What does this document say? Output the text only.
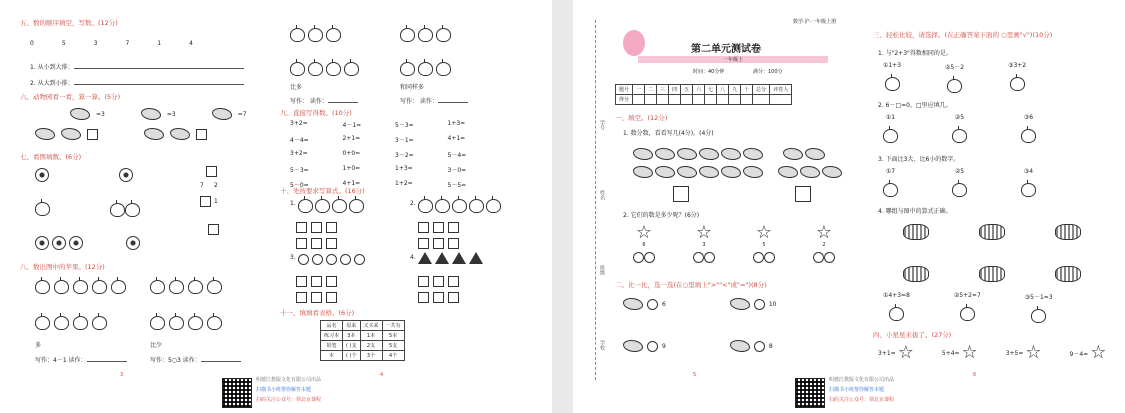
五、数的顺序填空，写数。(12分)
0	5	3	7	1	4
1. 从小到大排：
2. 从大到小排：
六、动物园看一看，算一算。(5分)
=3	=3	=7
七、看图填数。(6分)
7 2
1
八、数出图中的苹果。(12分)
多	比少
写作：4－1 读作：	写作：5○3 读作：
比多	和同样多
写作： 读作：	写作： 读作：
九、直接写得数。(10分)
3+2=	4－1=	5－3=	1+3=
4－4=	2+1=	3－1=	4+1=
3+2=	0+0=	3－2=	5－4=
5－3=	1+0=	1+3=	3－0=
5－0=	4+1=	1+2=	5－5=
十、先按要求写算式。(16分)
1.	2.
3.	4.
十一、填填看表格。(6分)
品名	原来	又买来	一共有
练习本	3本	1本	5本
铅笔	( )支	2支	5支
本	( )个	3个	4个
3	4
明德江教版文化有限公司出品
扫描书小班帮你解答本题
扫码关注公众号：领北京课程
学号
姓名
班级
学校
数学·沪·一年级上册
第二单元测试卷
一年级上
时间：40分钟	满分：100分
题号	一	二	三	四	五	六	七	八	九	十	总分	评卷人
得分												
一、填空。(12分)
1. 数分数，看看写几(4分)。(4分)
2. 它们的数是多少呢？(6分)
☆
6
☆
3
☆
5
☆
2
二、比一比，选一选(在○里填上">""<"或"=")(8分)
6	10
9	8
三、轻松比较，请选择。(在正确答案下面的 ○里画"√")(10分)
1. 与"2+3"得数相同的是。
①1+3	②5－2	③3+2
2. 6－□=0，□里应填几。
①1	②5	③6
3. 下面比3大、比6小的数字。
①7	②5	③4
4. 哪组与图中的算式正确。
①4+3=8	②5+2=7	③5－1=3
四、小星星来拔了。(27分)
3+1= ☆	5+4= ☆	3+5= ☆	9－4= ☆
5	6
明德江教版文化有限公司出品
扫描书小班帮你解答本题
扫码关注公众号：领北京课程
